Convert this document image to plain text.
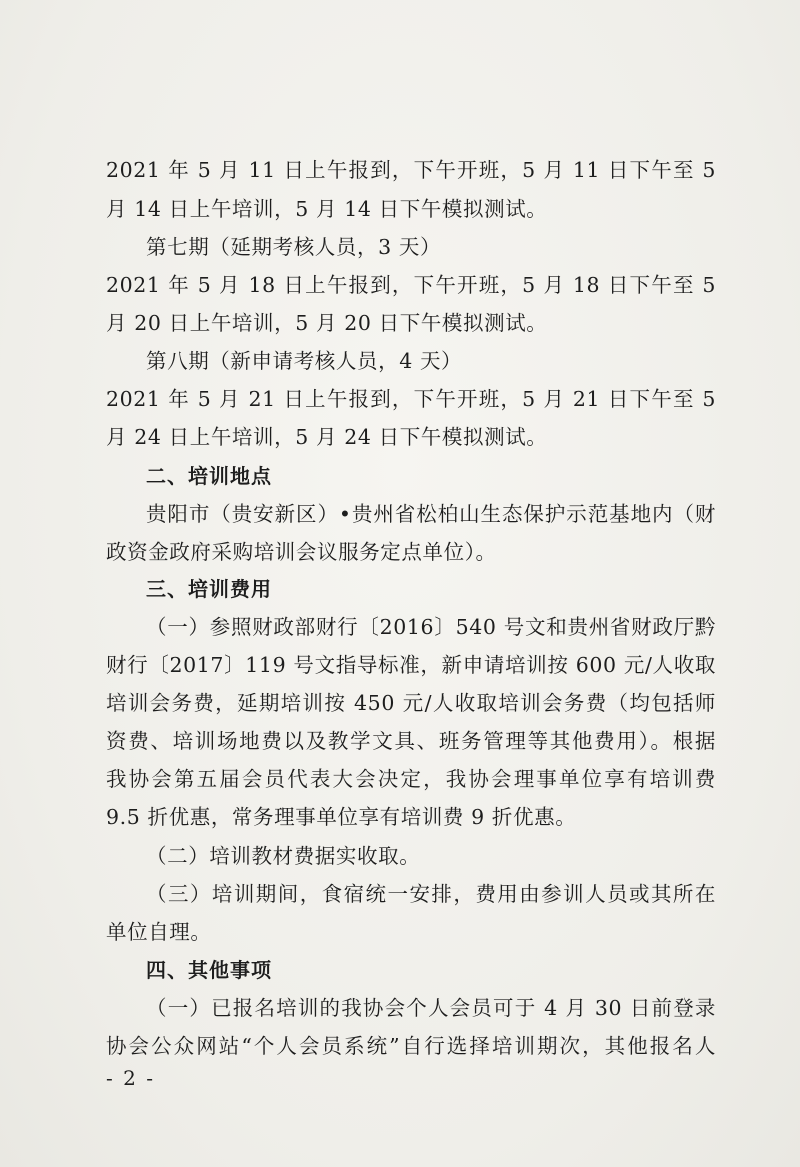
2021 年 5 月 11 日上午报到，下午开班，5 月 11 日下午至 5
月 14 日上午培训，5 月 14 日下午模拟测试。
第七期（延期考核人员，3 天）
2021 年 5 月 18 日上午报到，下午开班，5 月 18 日下午至 5
月 20 日上午培训，5 月 20 日下午模拟测试。
第八期（新申请考核人员，4 天）
2021 年 5 月 21 日上午报到，下午开班，5 月 21 日下午至 5
月 24 日上午培训，5 月 24 日下午模拟测试。
二、培训地点
贵阳市（贵安新区）•贵州省松柏山生态保护示范基地内（财
政资金政府采购培训会议服务定点单位）。
三、培训费用
（一）参照财政部财行〔2016〕540 号文和贵州省财政厅黔
财行〔2017〕119 号文指导标准，新申请培训按 600 元/人收取
培训会务费，延期培训按 450 元/人收取培训会务费（均包括师
资费、培训场地费以及教学文具、班务管理等其他费用）。根据
我协会第五届会员代表大会决定，我协会理事单位享有培训费
9.5 折优惠，常务理事单位享有培训费 9 折优惠。
（二）培训教材费据实收取。
（三）培训期间，食宿统一安排，费用由参训人员或其所在
单位自理。
四、其他事项
（一）已报名培训的我协会个人会员可于 4 月 30 日前登录
协会公众网站“个人会员系统”自行选择培训期次，其他报名人
- 2 -
